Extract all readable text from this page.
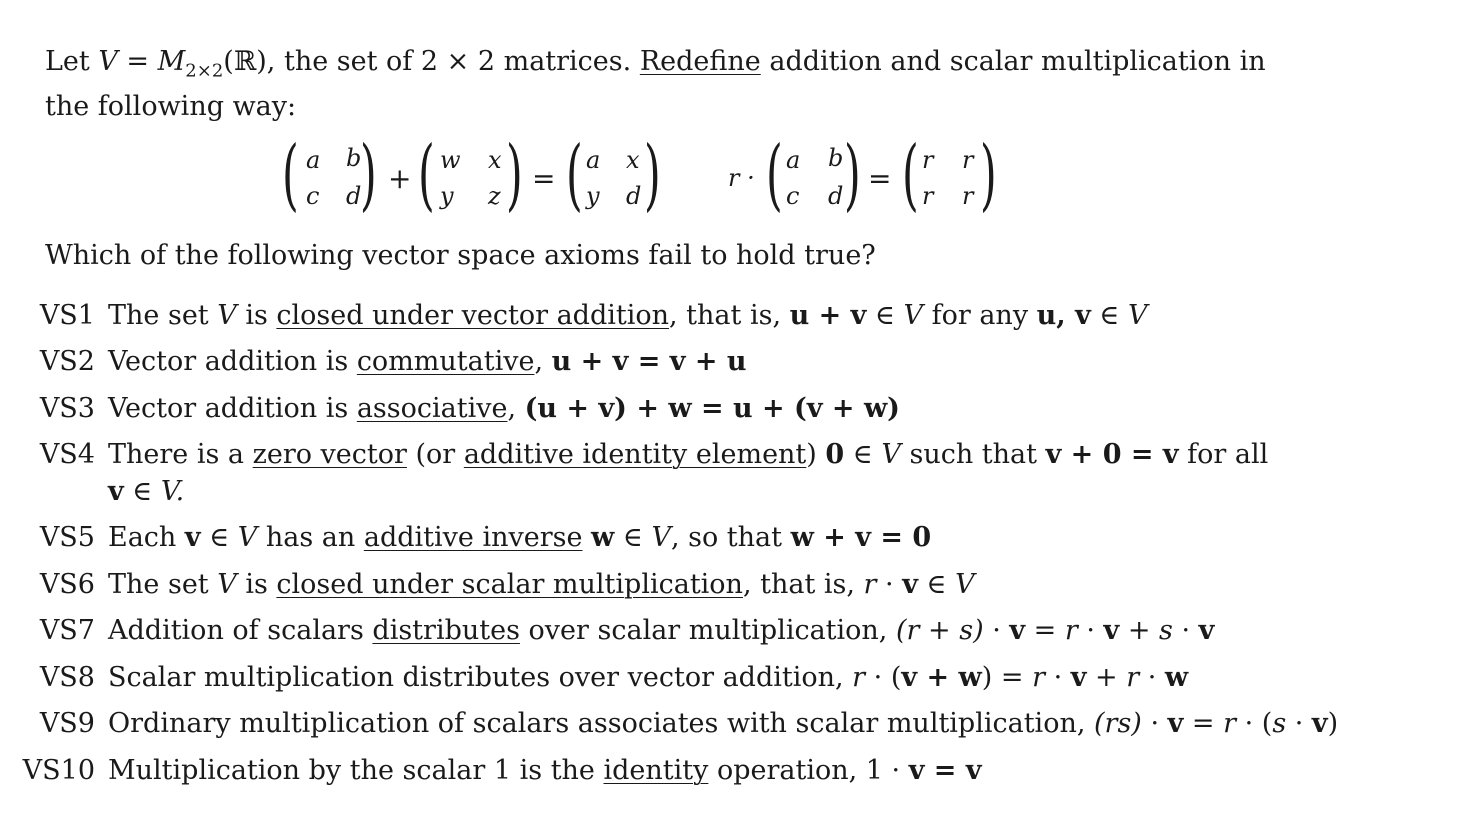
Let $V = M_{2\times 2}(ℝ)$, the set of 2 × 2 matrices. Redefine addition and scalar multiplication in
the following way:
( a b
c d
) + ( w x
y z ) = ( a x
y d )	r · ( a b
c d ) = ( r r
r r )
Which of the following vector space axioms fail to hold true?
VS1 The set V is closed under vector addition, that is, u + v ∈ V for any u, v ∈ V
VS2 Vector addition is commutative, u + v = v + u
VS3 Vector addition is associative, (u + v) + w = u + (v + w)
VS4 There is a zero vector (or additive identity element) 0 ∈ V such that v + 0 = v for all
v ∈ V.
VS5 Each v ∈ V has an additive inverse w ∈ V, so that w + v = 0
VS6 The set V is closed under scalar multiplication, that is, r · v ∈ V
VS7 Addition of scalars distributes over scalar multiplication, (r + s) · v = r · v + s · v
VS8 Scalar multiplication distributes over vector addition, r · (v + w) = r · v + r · w
VS9 Ordinary multiplication of scalars associates with scalar multiplication, (rs) · v = r · (s · v)
VS10 Multiplication by the scalar 1 is the identity operation, 1 · v = v
